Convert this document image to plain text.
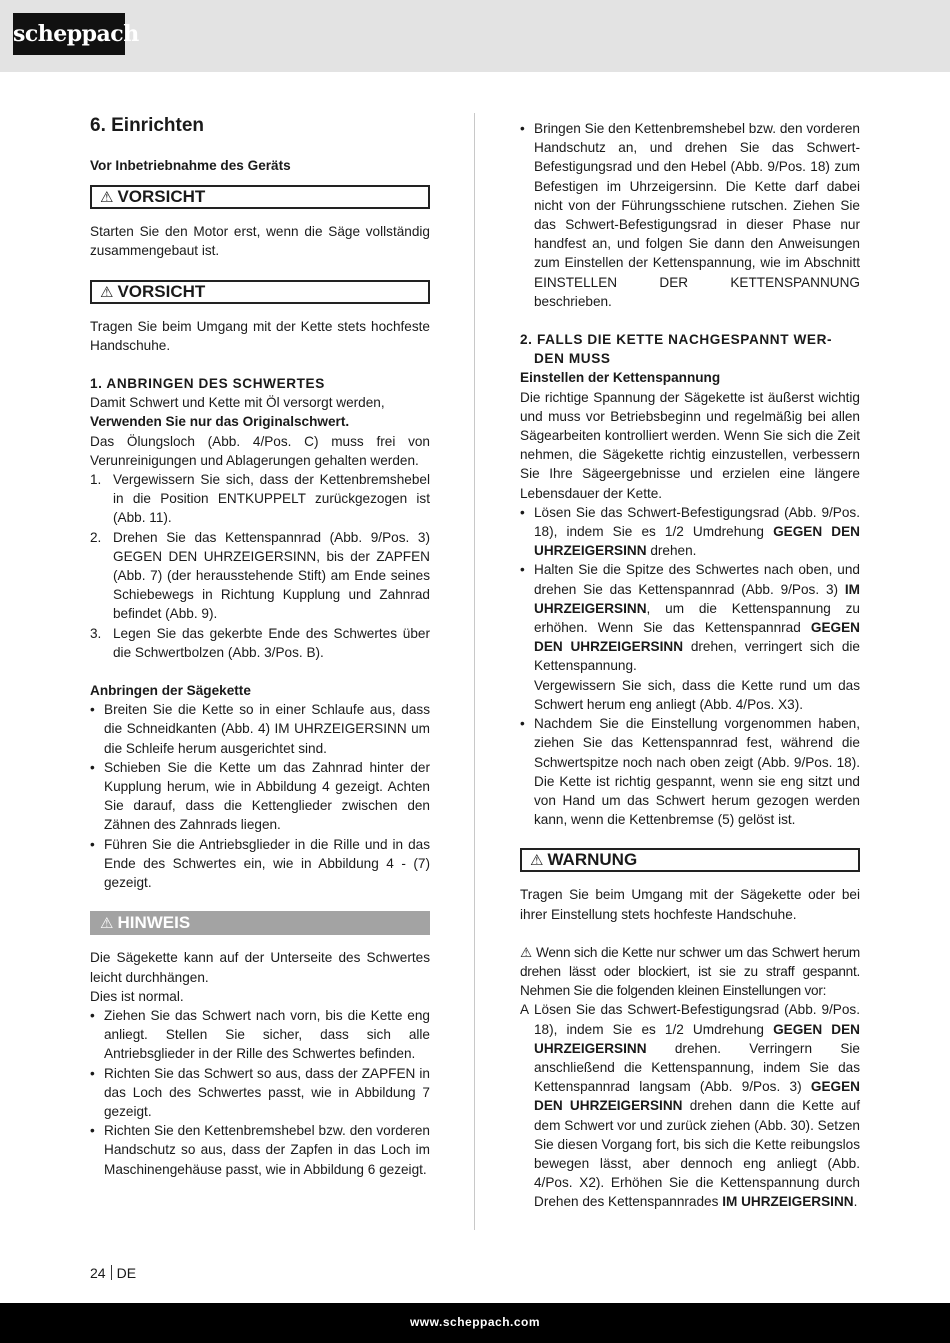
scheppach
6. Einrichten

Vor Inbetriebnahme des Geräts

⚠ VORSICHT

Starten Sie den Motor erst, wenn die Säge vollständig zusammengebaut ist.

⚠ VORSICHT

Tragen Sie beim Umgang mit der Kette stets hochfeste Handschuhe.

1. ANBRINGEN DES SCHWERTES

Damit Schwert und Kette mit Öl versorgt werden,

Verwenden Sie nur das Originalschwert.

Das Ölungsloch (Abb. 4/Pos. C) muss frei von Verunreinigungen und Ablagerungen gehalten werden.

1. Vergewissern Sie sich, dass der Kettenbremshebel in die Position ENTKUPPELT zurückgezogen ist (Abb. 11).
2. Drehen Sie das Kettenspannrad (Abb. 9/Pos. 3) GEGEN DEN UHRZEIGERSINN, bis der ZAPFEN (Abb. 7) (der herausstehende Stift) am Ende seines Schiebewegs in Richtung Kupplung und Zahnrad befindet (Abb. 9).
3. Legen Sie das gekerbte Ende des Schwertes über die Schwertbolzen (Abb. 3/Pos. B).

Anbringen der Sägekette

• Breiten Sie die Kette so in einer Schlaufe aus, dass die Schneidkanten (Abb. 4) IM UHRZEIGERSINN um die Schleife herum ausgerichtet sind.
• Schieben Sie die Kette um das Zahnrad hinter der Kupplung herum, wie in Abbildung 4 gezeigt. Achten Sie darauf, dass die Kettenglieder zwischen den Zähnen des Zahnrads liegen.
• Führen Sie die Antriebsglieder in die Rille und in das Ende des Schwertes ein, wie in Abbildung 4 - (7) gezeigt.
⚠ HINWEIS

Die Sägekette kann auf der Unterseite des Schwertes leicht durchhängen.

Dies ist normal.

• Ziehen Sie das Schwert nach vorn, bis die Kette eng anliegt. Stellen Sie sicher, dass sich alle Antriebsglieder in der Rille des Schwertes befinden.
• Richten Sie das Schwert so aus, dass der ZAPFEN in das Loch des Schwertes passt, wie in Abbildung 7 gezeigt.
• Richten Sie den Kettenbremshebel bzw. den vorderen Handschutz so aus, dass der Zapfen in das Loch im Maschinengehäuse passt, wie in Abbildung 6 gezeigt.
• Bringen Sie den Kettenbremshebel bzw. den vorderen Handschutz an, und drehen Sie das Schwert-Befestigungsrad und den Hebel (Abb. 9/Pos. 18) zum Befestigen im Uhrzeigersinn. Die Kette darf dabei nicht von der Führungsschiene rutschen. Ziehen Sie das Schwert-Befestigungsrad in dieser Phase nur handfest an, und folgen Sie dann den Anweisungen zum Einstellen der Kettenspannung, wie im Abschnitt EINSTELLEN DER KETTENSPANNUNG beschrieben.

2. FALLS DIE KETTE NACHGESPANNT WER-

DEN MUSS

Einstellen der Kettenspannung

Die richtige Spannung der Sägekette ist äußerst wichtig und muss vor Betriebsbeginn und regelmäßig bei allen Sägearbeiten kontrolliert werden. Wenn Sie sich die Zeit nehmen, die Sägekette richtig einzustellen, verbessern Sie Ihre Sägeergebnisse und erzielen eine längere Lebensdauer der Kette.

• Lösen Sie das Schwert-Befestigungsrad (Abb. 9/Pos. 18), indem Sie es 1/2 Umdrehung GEGEN DEN UHRZEIGERSINN drehen.
• Halten Sie die Spitze des Schwertes nach oben, und drehen Sie das Kettenspannrad (Abb. 9/Pos. 3) IM UHRZEIGERSINN, um die Kettenspannung zu erhöhen. Wenn Sie das Kettenspannrad GEGEN DEN UHRZEIGERSINN drehen, verringert sich die Kettenspannung.

Vergewissern Sie sich, dass die Kette rund um das Schwert herum eng anliegt (Abb. 4/Pos. X3).

• Nachdem Sie die Einstellung vorgenommen haben, ziehen Sie das Kettenspannrad fest, während die Schwertspitze noch nach oben zeigt (Abb. 9/Pos. 18). Die Kette ist richtig gespannt, wenn sie eng sitzt und von Hand um das Schwert herum gezogen werden kann, wenn die Kettenbremse (5) gelöst ist.
⚠ WARNUNG

Tragen Sie beim Umgang mit der Sägekette oder bei ihrer Einstellung stets hochfeste Handschuhe.

⚠ Wenn sich die Kette nur schwer um das Schwert herum drehen lässt oder blockiert, ist sie zu straff gespannt. Nehmen Sie die folgenden kleinen Einstellungen vor:

A Lösen Sie das Schwert-Befestigungsrad (Abb. 9/Pos. 18), indem Sie es 1/2 Umdrehung GEGEN DEN UHRZEIGERSINN drehen. Verringern Sie anschließend die Kettenspannung, indem Sie das Kettenspannrad langsam (Abb. 9/Pos. 3) GEGEN DEN UHRZEIGERSINN drehen dann die Kette auf dem Schwert vor und zurück ziehen (Abb. 30). Setzen Sie diesen Vorgang fort, bis sich die Kette reibungslos bewegen lässt, aber dennoch eng anliegt (Abb. 4/Pos. X2). Erhöhen Sie die Kettenspannung durch Drehen des Kettenspannrades IM UHRZEIGERSINN.
24 DE
www.scheppach.com
